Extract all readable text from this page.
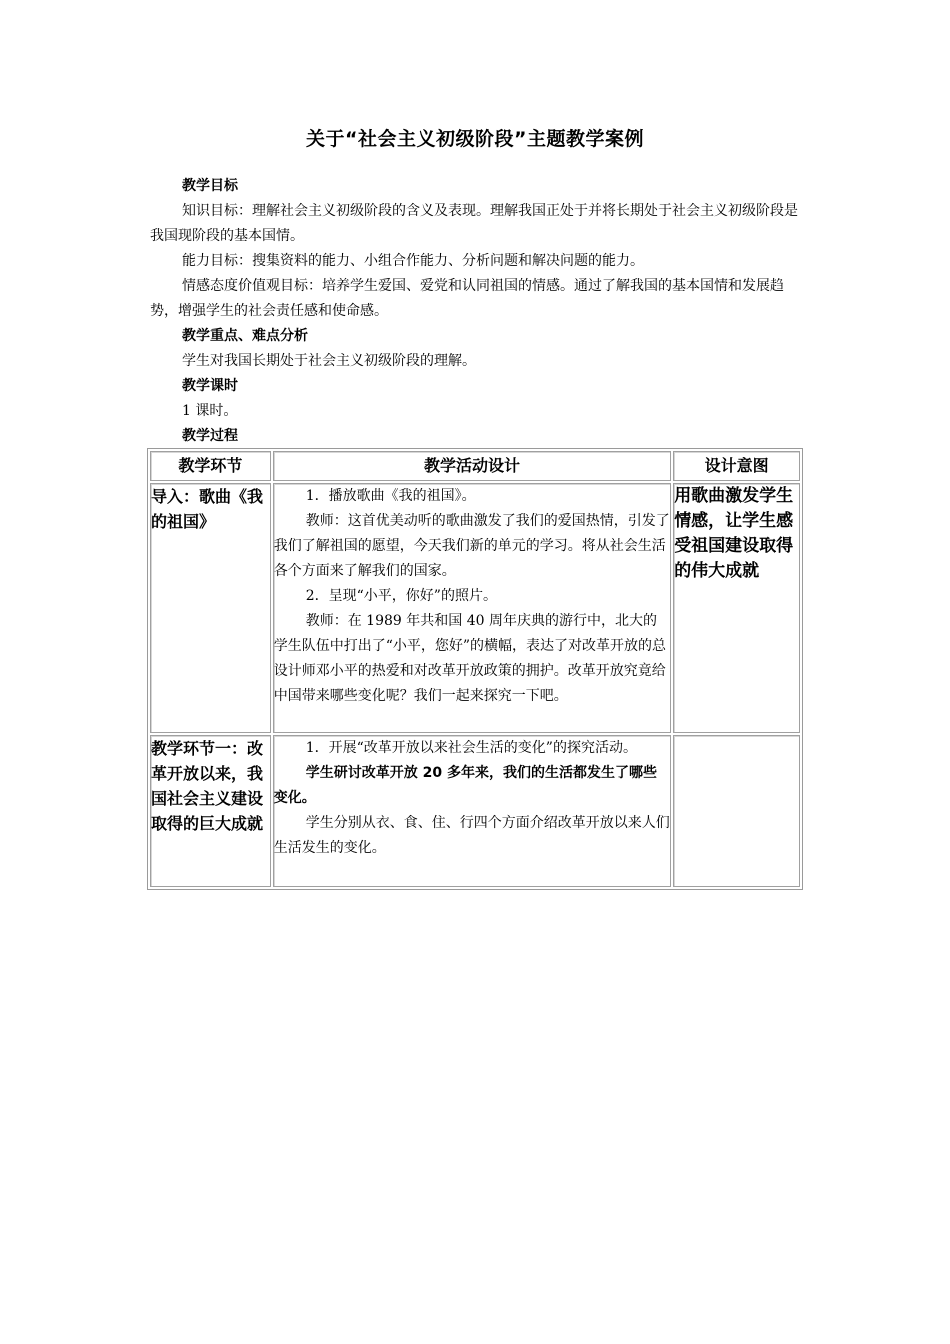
关于“社会主义初级阶段”主题教学案例

教学目标

知识目标：理解社会主义初级阶段的含义及表现。理解我国正处于并将长期处于社会主义初级阶段是我国现阶段的基本国情。

能力目标：搜集资料的能力、小组合作能力、分析问题和解决问题的能力。

情感态度价值观目标：培养学生爱国、爱党和认同祖国的情感。通过了解我国的基本国情和发展趋势，增强学生的社会责任感和使命感。

教学重点、难点分析

学生对我国长期处于社会主义初级阶段的理解。

教学课时

1 课时。

教学过程

教学环节	教学活动设计	设计意图
导入：歌曲《我的祖国》	1．播放歌曲《我的祖国》。

教师：这首优美动听的歌曲激发了我们的爱国热情，引发了我们了解祖国的愿望，今天我们新的单元的学习。将从社会生活各个方面来了解我们的国家。

2．呈现“小平，你好”的照片。

教师：在 1989 年共和国 40 周年庆典的游行中，北大的学生队伍中打出了“小平，您好”的横幅，表达了对改革开放的总设计师邓小平的热爱和对改革开放政策的拥护。改革开放究竟给中国带来哪些变化呢？我们一起来探究一下吧。	用歌曲激发学生情感，让学生感受祖国建设取得的伟大成就
教学环节一：改革开放以来，我国社会主义建设取得的巨大成就	1．开展“改革开放以来社会生活的变化”的探究活动。

学生研讨改革开放 20 多年来，我们的生活都发生了哪些变化。

学生分别从衣、食、住、行四个方面介绍改革开放以来人们生活发生的变化。	
